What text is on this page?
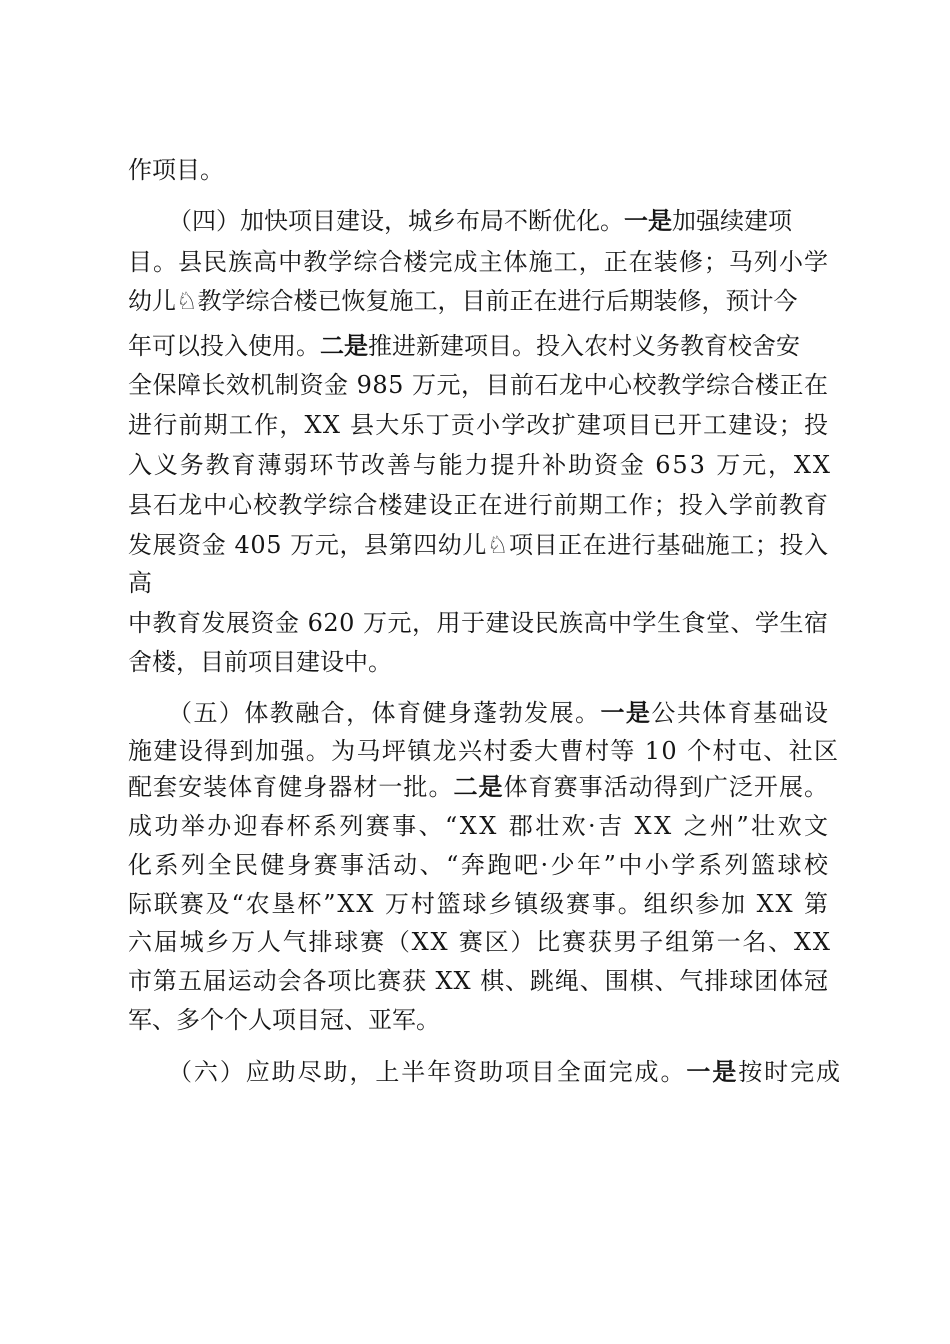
作项目。
（四）加快项目建设，城乡布局不断优化。一是加强续建项
目。县民族高中教学综合楼完成主体施工，正在装修；马列小学
幼儿♘教学综合楼已恢复施工，目前正在进行后期装修，预计今
年可以投入使用。二是推进新建项目。投入农村义务教育校舍安
全保障长效机制资金 985 万元，目前石龙中心校教学综合楼正在
进行前期工作，XX 县大乐丁贡小学改扩建项目已开工建设；投
入义务教育薄弱环节改善与能力提升补助资金 653 万元，XX
县石龙中心校教学综合楼建设正在进行前期工作；投入学前教育
发展资金 405 万元，县第四幼儿♘项目正在进行基础施工；投入
高
中教育发展资金 620 万元，用于建设民族高中学生食堂、学生宿
舍楼，目前项目建设中。
（五）体教融合，体育健身蓬勃发展。一是公共体育基础设
施建设得到加强。为马坪镇龙兴村委大曹村等 10 个村屯、社区
配套安装体育健身器材一批。二是体育赛事活动得到广泛开展。
成功举办迎春杯系列赛事、“XX 郡壮欢·吉 XX 之州”壮欢文
化系列全民健身赛事活动、“奔跑吧·少年”中小学系列篮球校
际联赛及“农垦杯”XX 万村篮球乡镇级赛事。组织参加 XX 第
六届城乡万人气排球赛（XX 赛区）比赛获男子组第一名、XX
市第五届运动会各项比赛获 XX 棋、跳绳、围棋、气排球团体冠
军、多个个人项目冠、亚军。
（六）应助尽助，上半年资助项目全面完成。一是按时完成
